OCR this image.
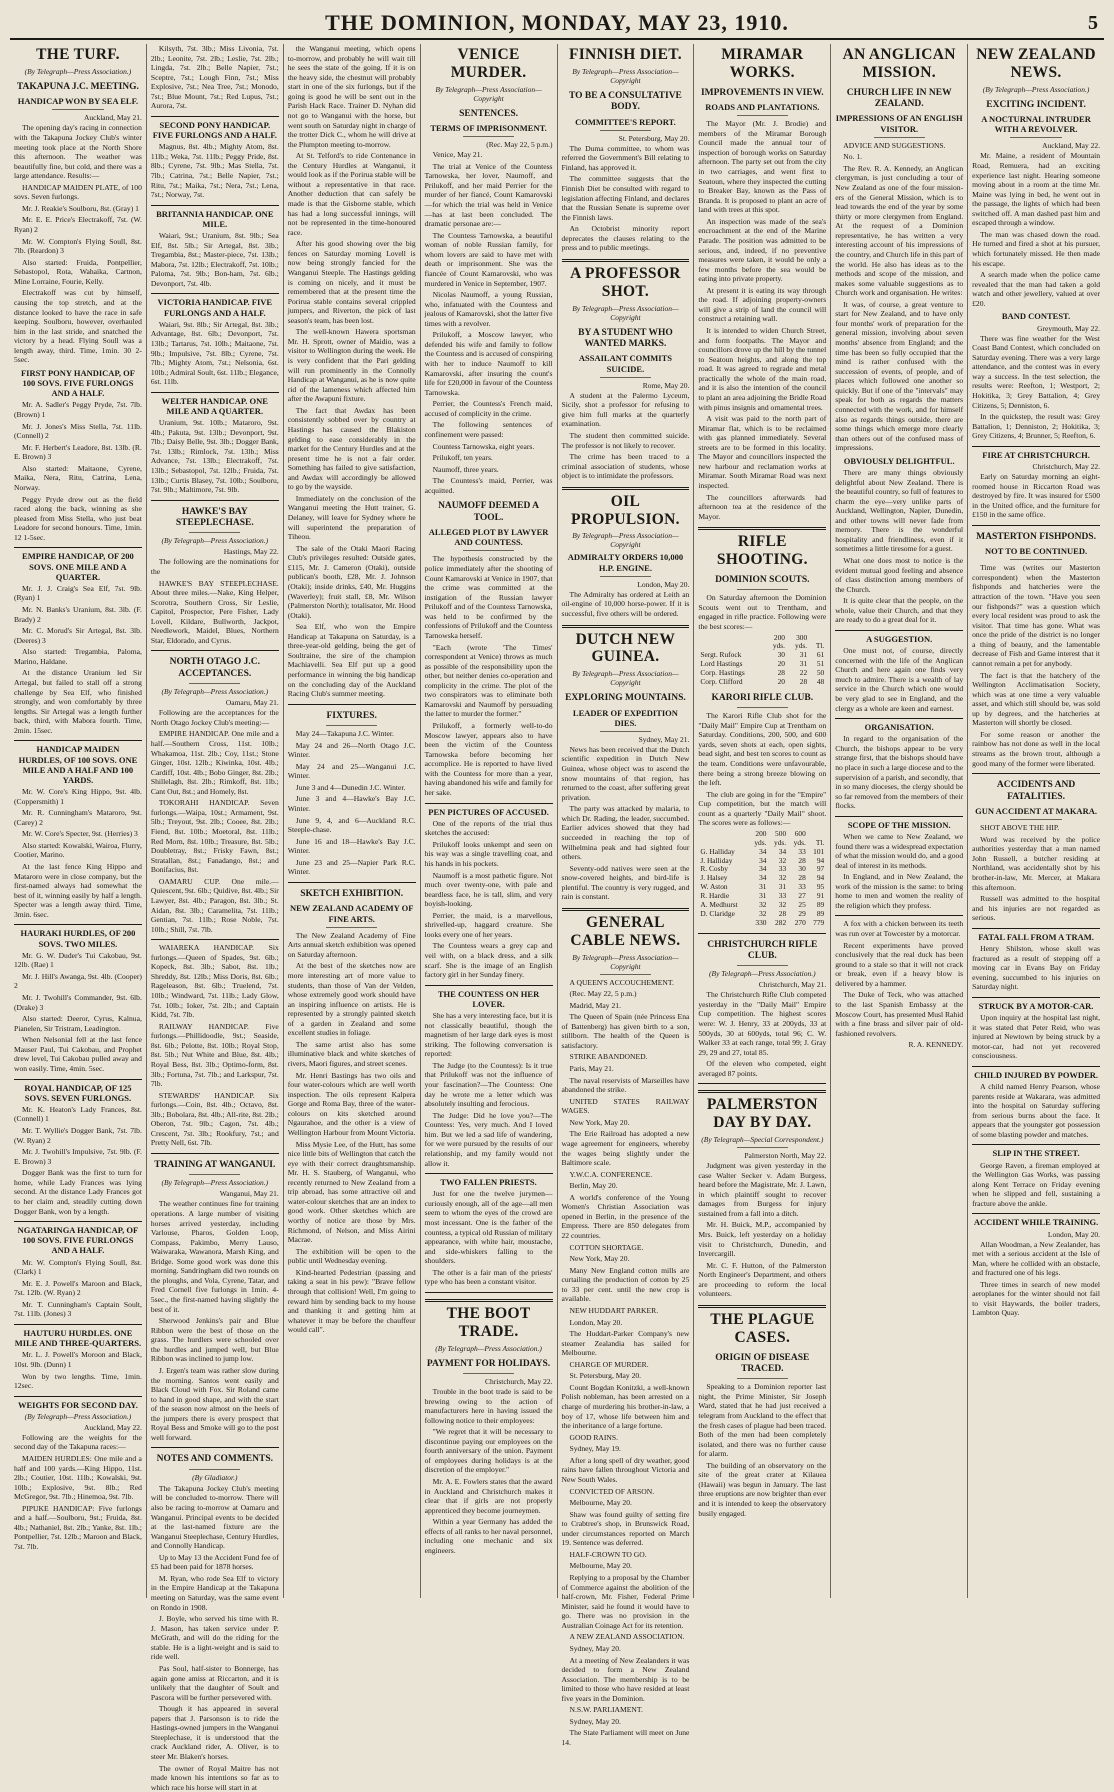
THE DOMINION, MONDAY, MAY 23, 1910.	5
THE TURF.
(By Telegraph—Press Association.)
TAKAPUNA J.C. MEETING.
HANDICAP WON BY SEA ELF.
Auckland, May 21.

The opening day's racing in connection with the Takapuna Jockey Club's winter meeting took place at the North Shore this afternoon. The weather was beautifully fine, but cold, and there was a large attendance. Results:—

HANDICAP MAIDEN PLATE, of 100 sovs. Seven furlongs.

Mr. J. Reakie's Soulboru, 8st. (Gray) 1

Mr. E. E. Price's Electrakoff, 7st. (W. Ryan) 2

Mr. W. Compton's Flying Soull, 8st. 7lb. (Reardon) 3

Also started: Fruida, Pontpellier, Sebastopol, Rota, Wahaika, Cartnon, Mine Lorraine, Fourie, Kelly.

Electrakoff was cut by himself, causing the top stretch, and at the distance looked to have the race in safe keeping. Soulboru, however, overhauled him in the last stride, and snatched the victory by a head. Flying Soull was a length away, third. Time, 1min. 30 2-5sec.

FIRST PONY HANDICAP, OF 100 SOVS. FIVE FURLONGS AND A HALF.

Mr. A. Sadler's Peggy Pryde, 7st. 7lb. (Brown) 1

Mr. J. Jones's Miss Stella, 7st. 11lb. (Connell) 2

Mr. F. Herbert's Leadore, 8st. 13lb. (R. E. Brown) 3

Also started: Maitaone, Cyrene, Maika, Nera, Ritu, Catrina, Lena, Norway.

Peggy Pryde drew out as the field raced along the back, winning as she pleased from Miss Stella, who just beat Leadore for second honours. Time, 1min. 12 1-5sec.

EMPIRE HANDICAP, OF 200 SOVS. ONE MILE AND A QUARTER.

Mr. J. J. Craig's Sea Elf, 7st. 9lb. (Ryan) 1

Mr. N. Banks's Uranium, 8st. 3lb. (F. Brady) 2

Mr. C. Morud's Sir Artegal, 8st. 3lb. (Deeres) 3

Also started: Tregambia, Paloma, Marino, Haldane.

At the distance Uranium led Sir Artegal, but failed to stall off a strong challenge by Sea Elf, who finished strongly, and won comfortably by three lengths. Sir Artegal was a length further back, third, with Mabora fourth. Time, 2min. 15sec.

HANDICAP MAIDEN HURDLES, OF 100 SOVS. ONE MILE AND A HALF AND 100 YARDS.

Mr. W. Core's King Hippo, 9st. 4lb. (Coppersmith) 1

Mr. R. Cunningham's Mataroro, 9st. (Carey) 2

Mr. W. Core's Specter, 9st. (Herries) 3

Also started: Kowalski, Wairoa, Flurry, Cootier, Marino.

At the last fence King Hippo and Mataroro were in close company, but the first-named always had somewhat the best of it, winning easily by half a length. Specter was a length away third. Time, 3min. 6sec.

HAURAKI HURDLES, OF 200 SOVS. TWO MILES.

Mr. G. W. Duder's Tui Cakobau, 9st. 12lb. (Rae) 1

Mr. J. Hill's Awanga, 9st. 4lb. (Cooper) 2

Mr. J. Twohill's Commander, 9st. 6lb. (Drake) 3

Also started: Deeror, Cyrus, Kalnua, Pianelen, Sir Tristram, Leadington.

When Nelsonial fell at the last fence Mauser Paul, Tui Cakobau, and Prophet drew level, Tui Cakobau pulled away and won easily. Time, 4min. 5sec.

ROYAL HANDICAP, OF 125 SOVS. SEVEN FURLONGS.

Mr. K. Heaton's Lady Frances, 8st. (Connell) 1

Mr. T. Wyllie's Dogger Bank, 7st. 7lb. (W. Ryan) 2

Mr. J. Twohill's Impulsive, 7st. 9lb. (F. E. Brown) 3

Dogger Bank was the first to turn for home, while Lady Frances was lying second. At the distance Lady Frances got to her claim and, steadily cutting down Dogger Bank, won by a length.

NGATARINGA HANDICAP, OF 100 SOVS. FIVE FURLONGS AND A HALF.

Mr. W. Compton's Flying Soull, 8st. (Clark) 1

Mr. E. J. Powell's Maroon and Black, 7st. 12lb. (W. Ryan) 2

Mr. T. Cunningham's Captain Soult, 7st. 11lb. (Jones) 3

HAUTURU HURDLES. ONE MILE AND THREE-QUARTERS.

Mr. L. J. Powell's Moroon and Black, 10st. 9lb. (Dunn) 1

Won by two lengths. Time, 1min. 12sec.

WEIGHTS FOR SECOND DAY.
(By Telegraph—Press Association.)
Auckland, May 22.

Following are the weights for the second day of the Takapuna races:—

MAIDEN HURDLES: One mile and a half and 100 yards.—King Hippo, 11st. 2lb.; Coutier, 10st. 11lb.; Kowalski, 9st. 10lb.; Explosive, 9st. 8lb.; Red McGregor, 9st. 7lb.; Hinemoa, 9st. 7lb.

PIPUKE HANDICAP: Five furlongs and a half.—Soulboru, 9st.; Fruida, 8st. 4lb.; Nathaniel, 8st. 2lb.; Yanke, 8st. 1lb.; Pontpellier, 7st. 12lb.; Maroon and Black, 7st. 7lb.

Kilsyth, 7st. 3lb.; Miss Livonia, 7st. 2lb.; Leonite, 7st. 2lb.; Leslie, 7st. 2lb.; Lingda, 7st. 2lb.; Belle Napier, 7st.; Sceptre, 7st.; Lough Finn, 7st.; Miss Explosive, 7st.; Nea Tree, 7st.; Monodo, 7st.; Blue Mount, 7st.; Red Lupus, 7st.; Aurora, 7st.

SECOND PONY HANDICAP. FIVE FURLONGS AND A HALF.

Magnus, 8st. 4lb.; Mighty Atom, 8st. 11lb.; Weka, 7st. 11lb.; Peggy Pride, 8st. 8lb.; Cyrene, 7st. 9lb.; Mas Stella, 7st. 7lb.; Catrina, 7st.; Belle Napier, 7st.; Ritu, 7st.; Maika, 7st.; Nera, 7st.; Lena, 7st.; Norway, 7st.

BRITANNIA HANDICAP. ONE MILE.

Waiari, 9st.; Uranium, 8st. 9lb.; Sea Elf, 8st. 5lb.; Sir Artegal, 8st. 3lb.; Tregambia, 8st.; Master-piece, 7st. 13lb.; Mabora, 7st. 12lb.; Electrakoff, 7st. 10lb.; Paloma, 7st. 9lb.; Bon-ham, 7st. 6lb.; Devonport, 7st. 4lb.

VICTORIA HANDICAP. FIVE FURLONGS AND A HALF.

Waiari, 9st. 8lb.; Sir Artegal, 8st. 3lb.; Advantage, 8st. 6lb.; Devonport, 7st. 13lb.; Tartarus, 7st. 10lb.; Maitaone, 7st. 9lb.; Impulsive, 7st. 8lb.; Cyrene, 7st. 7lb.; Mighty Atom, 7st.; Nelsonia, 6st. 10lb.; Admiral Soult, 6st. 11lb.; Elegance, 6st. 11lb.

WELTER HANDICAP. ONE MILE AND A QUARTER.

Uranium, 9st. 10lb.; Mataroro, 9st. 4lb.; Pakuta, 9st. 13lb.; Devonport, 9st. 7lb.; Daisy Belle, 9st. 3lb.; Dogger Bank, 7st. 13lb.; Rimlock, 7st. 13lb.; Miss Advance, 7st. 13lb.; Electrakoff, 7st. 13lb.; Sebastopol, 7st. 12lb.; Fruida, 7st. 13lb.; Curtis Blasey, 7st. 10lb.; Soulboru, 7st. 9lb.; Maltimore, 7st. 9lb.

HAWKE'S BAY STEEPLECHASE.
(By Telegraph—Press Association.)
Hastings, May 22.

The following are the nominations for the

HAWKE'S BAY STEEPLECHASE. About three miles.—Nake, King Helper, Scorotra, Southern Cross, Sir Leslie, Capitol, Prospector, Pere Fisher, Lady Lovell, Kildare, Bullworth, Jackpot, Needlework, Maidel, Blues, Northern Star, Eldorado, and Cyrus.

NORTH OTAGO J.C. ACCEPTANCES.
(By Telegraph—Press Association.)
Oamaru, May 21.

Following are the acceptances for the North Otago Jockey Club's meeting:—

EMPIRE HANDICAP. One mile and a half.—Southern Cross, 11st. 10lb.; Whakamoa, 11st. 2lb.; Coy, 11st.; Stone Ginger, 10st. 12lb.; Kiwinka, 10st. 4lb.; Cardiff, 10st. 4lb.; Bobo Ginger, 8st. 2lb.; Shillelagh, 8st. 2lb.; Rimkoff, 8st. 1lb.; Cant Out, 8st.; and Homely, 8st.

TOKORAHI HANDICAP. Seven furlongs.—Waipa, 10st.; Armament, 9st. 5lb.; Treyout, 9st. 2lb.; Cooee, 8st. 2lb.; Fiend, 8st. 10lb.; Moetoral, 8st. 11lb.; Red Morn, 8st. 10lb.; Treasure, 8st. 5lb.; Doubletray, 8st.; Frisky Fawn, 8st.; Stratallan, 8st.; Fanadango, 8st.; and Bonifacius, 8st.

OAMARU CUP. One mile.—Quiescent, 9st. 6lb.; Quidive, 8st. 4lb.; Sir Lawyer, 8st. 4lb.; Paragon, 8st. 3lb.; St. Aidan, 8st. 3lb.; Caramelita, 7st. 11lb.; Gentian, 7st. 11lb.; Rose Noble, 7st. 10lb.; Shill, 7st. 7lb.

WAIAREKA HANDICAP. Six furlongs.—Queen of Spades, 9st. 6lb.; Kopeck, 8st. 3lb.; Sabot, 8st. 1lb.; Shreddy, 8st. 12lb.; Miss Doris, 8st. 6lb.; Rageleason, 8st. 6lb.; Truelend, 7st. 10lb.; Windward, 7st. 11lb.; Lady Glow, 7st. 10lb.; Ioker, 7st. 2lb.; and Captain Kidd, 7st. 7lb.

RAILWAY HANDICAP. Five furlongs.—Phillidoodle, 9st.; Seaside, 8st. 6lb.; Pelotte, 8st. 10lb.; Royal Stop, 8st. 5lb.; Nut White and Blue, 8st. 4lb.; Royal Bess, 8st. 3lb.; Optimo-form, 8st. 3lb.; Fortuna, 7st. 7lb.; and Larkspur, 7st. 7lb.

STEWARDS' HANDICAP. Six furlongs.—Coin, 8st. 4lb.; Octavo, 8st. 3lb.; Bobolara, 8st. 4lb.; All-rite, 8st. 2lb.; Oberon, 7st. 9lb.; Cagon, 7st. 4lb.; Crescent, 7st. 3lb.; Rookfury, 7st.; and Pretty Nell, 6st. 7lb.

TRAINING AT WANGANUI.
(By Telegraph—Press Association.)
Wanganui, May 21.

The weather continues fine for training operations. A large number of visiting horses arrived yesterday, including Varlouse, Pharos, Golden Loop, Compass, Pakimbo, Merry Lauso, Waiwaraka, Wawanora, Marsh King, and Bridge. Some good work was done this morning. Sandringham did two rounds on the ploughs, and Vola, Cyrene, Tatar, and Fred Cornell five furlongs in 1min. 4-5sec., the first-named having slightly the best of it.

Sherwood Jenkins's pair and Blue Ribbon were the best of those on the grass. The hurdlers were schooled over the hurdles and jumped well, but Blue Ribbon was inclined to jump low.

J. Ergen's team was rather slow during the morning. Santos went easily and Black Cloud with Fox. Sir Roland came to hand in good shape, and with the start of the season now almost on the heels of the jumpers there is every prospect that Royal Bess and Smoke will go to the post well forward.

NOTES AND COMMENTS.
(By Gladiator.)

The Takapuna Jockey Club's meeting will be concluded to-morrow. There will also be racing to-morrow at Oamaru and Wanganui. Principal events to be decided at the last-named fixture are the Wanganui Steeplechase, Century Hurdles, and Connolly Handicap.

Up to May 13 the Accident Fund fee of £5 had been paid for 1878 horses.

M. Ryan, who rode Sea Elf to victory in the Empire Handicap at the Takapuna meeting on Saturday, was the same event on Rondo in 1908.

J. Boyle, who served his time with R. J. Mason, has taken service under P. McGrath, and will do the riding for the stable. He is a light-weight and is said to ride well.

Pas Soul, half-sister to Bonnerge, has again gone amiss at Riccarton, and it is unlikely that the daughter of Soult and Pascora will be further persevered with.

Though it has appeared in several papers that J. Parsonson is to ride the Hastings-owned jumpers in the Wanganui Steeplechase, it is understood that the crack Auckland rider, A. Oliver, is to steer Mr. Blaken's horses.

The owner of Royal Maitre has not made known his intentions so far as to which race his horse will start in at

the Wanganui meeting, which opens to-morrow, and probably he will wait till he sees the state of the going. If it is on the heavy side, the chestnut will probably start in one of the six furlongs, but if the going is good he will be sent out in the Parish Hack Race. Trainer D. Nyhan did not go to Wanganui with the horse, but went south on Saturday night in charge of the trotter Dick C., whom he will drive at the Plumpton meeting to-morrow.

At St. Telford's to ride Contenance in the Century Hurdles at Wanganui, it would look as if the Porirua stable will be without a representative in that race. Another deduction that can safely be made is that the Gisborne stable, which has had a long successful innings, will not be represented in the time-honoured race.

After his good showing over the big fences on Saturday morning Lovell is now being strongly fancied for the Wanganui Steeple. The Hastings gelding is coming on nicely, and it must be remembered that at the present time the Porirua stable contains several crippled jumpers, and Riverton, the pick of last season's team, has been lost.

The well-known Hawera sportsman Mr. H. Sprott, owner of Maidio, was a visitor to Wellington during the week. He is very confident that the Pari gelding will run prominently in the Connolly Handicap at Wanganui, as he is now quite rid of the lameness which affected him after the Awapuni fixture.

The fact that Awdax has been consistently sobbed over by country at Hastings has caused the Blakiston gelding to ease considerably in the market for the Century Hurdles and at the present time he is not a fair order. Something has failed to give satisfaction, and Awdax will accordingly be allowed to go by the wayside.

Immediately on the conclusion of the Wanganui meeting the Hutt trainer, G. Delaney, will leave for Sydney where he will superintend the preparation of Tiheou.

The sale of the Otaki Maori Racing Club's privileges resulted: Outside gates, £115, Mr. J. Cameron (Otaki), outside publican's booth, £28, Mr. J. Johnson (Otaki); inside drinks, £40, Mr. Huggins (Waverley); fruit stall, £8, Mr. Wilson (Palmerston North); totalisator, Mr. Hood (Otaki).

Sea Elf, who won the Empire Handicap at Takapuna on Saturday, is a three-year-old gelding, being the get of Soultraine, the sire of the champion Machiavelli. Sea Elf put up a good performance in winning the big handicap on the concluding day of the Auckland Racing Club's summer meeting.

FIXTURES.

May 24—Takapuna J.C. Winter.

May 24 and 26—North Otago J.C. Winter.

May 24 and 25—Wanganui J.C. Winter.

June 3 and 4—Dunedin J.C. Winter.

June 3 and 4—Hawke's Bay J.C. Winter.

June 9, 4, and 6—Auckland R.C. Steeple-chase.

June 16 and 18—Hawke's Bay J.C. Winter.

June 23 and 25—Napier Park R.C. Winter.

SKETCH EXHIBITION.
NEW ZEALAND ACADEMY OF FINE ARTS.

The New Zealand Academy of Fine Arts annual sketch exhibition was opened on Saturday afternoon.

At the best of the sketches now are more interesting art of more value to students, than those of Van der Velden, whose extremely good work should have an inspiring influence on artists. He is represented by a strongly painted sketch of a garden in Zealand and some excellent studies in foliage.

The same artist also has some illuminative black and white sketches of rivers, Maori figures, and street scenes.

Mr. Henri Bastings has two oils and four water-colours which are well worth inspection. The oils represent Kalpera Gorge and Roma Bay, three of the water-colours on kits sketched around Ngaurahoe, and the other is a view of Wellington Harbour from Mount Victoria.

Miss Mysie Lee, of the Hutt, has some nice little bits of Wellington that catch the eye with their correct draughtsmanship. Mr. H. S. Stauberg, of Wanganui, who recently returned to New Zealand from a trip abroad, has some attractive oil and water-colour sketches that are an index to good work. Other sketches which are worthy of notice are those by Mrs. Richmond, of Nelson, and Miss Airini Macrae.

The exhibition will be open to the public until Wednesday evening.

Kind-hearted Pedestrian (passing and taking a seat in his pew): "Brave fellow through that collision! Well, I'm going to reward him by sending back to my house and thanking it and getting him at whatever it may be before the chauffeur would call".

VENICE MURDER.
By Telegraph—Press Association—Copyright
SENTENCES.
TERMS OF IMPRISONMENT.
(Rec. May 22, 5 p.m.)

Venice, May 21.

The trial at Venice of the Countess Tarnowska, her lover, Naumoff, and Prilukoff, and her maid Perrier for the murder of her fiancé, Count Kamarovski—for which the trial was held in Venice—has at last been concluded. The dramatic personae are:—

The Countess Tarnowska, a beautiful woman of noble Russian family, for whom lovers are said to have met with death or imprisonment. She was the fiancée of Count Kamarovski, who was murdered in Venice in September, 1907.

Nicolas Naumoff, a young Russian, who, infatuated with the Countess and jealous of Kamarovski, shot the latter five times with a revolver.

Prilukoff, a Moscow lawyer, who defended his wife and family to follow the Countess and is accused of conspiring with her to induce Naumoff to kill Kamarovski, after insuring the count's life for £20,000 in favour of the Countess Tarnowska.

Perrier, the Countess's French maid, accused of complicity in the crime.

The following sentences of confinement were passed:

Countess Tarnowska, eight years.

Prilukoff, ten years.

Naumoff, three years.

The Countess's maid, Perrier, was acquitted.

NAUMOFF DEEMED A TOOL.
ALLEGED PLOT BY LAWYER AND COUNTESS.

The hypothesis constructed by the police immediately after the shooting of Count Kamarovski at Venice in 1907, that the crime was committed at the instigation of the Russian lawyer Prilukoff and of the Countess Tarnowska, was held to be confirmed by the confessions of Prilukoff and the Countess Tarnowska herself.

"Each (wrote 'The Times' correspondent at Venice) throws as much as possible of the responsibility upon the other, but neither denies co-operation and complicity in the crime. The plot of the two conspirators was to eliminate both Kamarovski and Naumoff by persuading the latter to murder the former."

Prilukoff, a formerly well-to-do Moscow lawyer, appears also to have been the victim of the Countess Tarnowska before becoming her accomplice. He is reported to have lived with the Countess for more than a year, having abandoned his wife and family for her sake.

PEN PICTURES OF ACCUSED.

One of the reports of the trial thus sketches the accused:

Prilukoff looks unkempt and seen on his way was a single travelling coat, and his hands in his pockets.

Naumoff is a most pathetic figure. Not much over twenty-one, with pale and beardless face, he is tall, slim, and very boyish-looking.

Perrier, the maid, is a marvellous, shrivelled-up, haggard creature. She looks every one of her years.

The Countess wears a grey cap and veil with, on a black dress, and a silk scarf. She is the image of an English factory girl in her Sunday finery.

THE COUNTESS ON HER LOVER.

She has a very interesting face, but it is not classically beautiful, though the magnetism of her large dark eyes is most striking. The following conversation is reported:

The Judge (to the Countess): Is it true that Prilukoff was not the influence of your fascination?—The Countess: One day he wrote me a letter which was absolutely insulting and ferocious.

The Judge: Did he love you?—The Countess: Yes, very much. And I loved him. But we led a sad life of wandering, for we were pursued by the results of our relationship, and my family would not allow it.

TWO FALLEN PRIESTS.

Just for one the twelve jurymen—curiously enough, all of the age—all men seem to whom the eyes of the crowd are most incessant. One is the father of the countess, a typical old Russian of military appearance, with white hair, moustache, and side-whiskers falling to the shoulders.

The other is a fair man of the priests' type who has been a constant visitor.

THE BOOT TRADE.
(By Telegraph—Press Association.)
PAYMENT FOR HOLIDAYS.
Christchurch, May 22.

Trouble in the boot trade is said to be brewing owing to the action of manufacturers here in having issued the following notice to their employees:

"We regret that it will be necessary to discontinue paying our employees on the fourth anniversary of the union. Payment of employees during holidays is at the discretion of the employer."

Mr. A. E. Fowlers states that the award in Auckland and Christchurch makes it clear that if girls are not properly apprenticed they become journeymen.

Within a year Germany has added the effects of all ranks to her naval personnel, including one mechanic and six engineers.

FINNISH DIET.
By Telegraph—Press Association—Copyright
TO BE A CONSULTATIVE BODY.
COMMITTEE'S REPORT.
St. Petersburg, May 20.

The Duma committee, to whom was referred the Government's Bill relating to Finland, has approved it.

The committee suggests that the Finnish Diet be consulted with regard to legislation affecting Finland, and declares that the Russian Senate is supreme over the Finnish laws.

An Octobrist minority report deprecates the clauses relating to the press and to public meetings.

A PROFESSOR SHOT.
By Telegraph—Press Association—Copyright
BY A STUDENT WHO WANTED MARKS.
ASSAILANT COMMITS SUICIDE.
Rome, May 20.

A student at the Palermo Lyceum, Sicily, shot a professor for refusing to give him full marks at the quarterly examination.

The student then committed suicide. The professor is not likely to recover.

The crime has been traced to a criminal association of students, whose object is to intimidate the professors.

OIL PROPULSION.
By Telegraph—Press Association—Copyright
ADMIRALTY ORDERS 10,000 H.P. ENGINE.
London, May 20.

The Admiralty has ordered at Leith an oil-engine of 10,000 horse-power. If it is successful, five others will be ordered.

DUTCH NEW GUINEA.
By Telegraph—Press Association—Copyright
EXPLORING MOUNTAINS.
LEADER OF EXPEDITION DIES.
Sydney, May 21.

News has been received that the Dutch scientific expedition in Dutch New Guinea, whose object was to ascend the snow mountains of that region, has returned to the coast, after suffering great privation.

The party was attacked by malaria, to which Dr. Rading, the leader, succumbed. Earlier advices showed that they had succeeded in reaching the top of Wilhelmina peak and had sighted four others.

Seventy-odd natives were seen at the snow-covered heights, and bird-life is plentiful. The country is very rugged, and rain is constant.

GENERAL CABLE NEWS.
By Telegraph—Press Association—Copyright

A QUEEN'S ACCOUCHEMENT.

(Rec. May 22, 5 p.m.)

Madrid, May 21.

The Queen of Spain (née Princess Ena of Battenberg) has given birth to a son, stillborn. The health of the Queen is satisfactory.

STRIKE ABANDONED.

Paris, May 21.

The naval reservists of Marseilles have abandoned the strike.

UNITED STATES RAILWAY WAGES.

New York, May 20.

The Erie Railroad has adopted a new wage agreement for engineers, whereby the wages being slightly under the Baltimore scale.

Y.W.C.A. CONFERENCE.

Berlin, May 20.

A world's conference of the Young Women's Christian Association was opened in Berlin, in the presence of the Empress. There are 850 delegates from 22 countries.

COTTON SHORTAGE.

New York, May 20.

Many New England cotton mills are curtailing the production of cotton by 25 to 33 per cent. until the new crop is available.

NEW HUDDART PARKER.

London, May 20.

The Huddart-Parker Company's new steamer Zealandia has sailed for Melbourne.

CHARGE OF MURDER.

St. Petersburg, May 20.

Count Bogdan Konitzki, a well-known Polish nobleman, has been arrested on a charge of murdering his brother-in-law, a boy of 17, whose life between him and the inheritance of a large fortune.

GOOD RAINS.

Sydney, May 19.

After a long spell of dry weather, good rains have fallen throughout Victoria and New South Wales.

CONVICTED OF ARSON.

Melbourne, May 20.

Shaw was found guilty of setting fire to Crabtree's shop, in Brunswick Road, under circumstances reported on March 19. Sentence was deferred.

HALF-CROWN TO GO.

Melbourne, May 20.

Replying to a proposal by the Chamber of Commerce against the abolition of the half-crown, Mr. Fisher, Federal Prime Minister, said he found it would have to go. There was no provision in the Australian Coinage Act for its retention.

A NEW ZEALAND ASSOCIATION.

Sydney, May 20.

At a meeting of New Zealanders it was decided to form a New Zealand Association. The membership is to be limited to those who have resided at least five years in the Dominion.

N.S.W. PARLIAMENT.

Sydney, May 20.

The State Parliament will meet on June 14.

MIRAMAR WORKS.
IMPROVEMENTS IN VIEW.
ROADS AND PLANTATIONS.

The Mayor (Mr. J. Brodie) and members of the Miramar Borough Council made the annual tour of inspection of borough works on Saturday afternoon. The party set out from the city in two carriages, and went first to Seatoun, where they inspected the cutting to Breaker Bay, known as the Pass of Branda. It is proposed to plant an acre of land with trees at this spot.

An inspection was made of the sea's encroachment at the end of the Marine Parade. The position was admitted to be serious, and, indeed, if no preventive measures were taken, it would be only a few months before the sea would be eating into private property.

At present it is eating its way through the road. If adjoining property-owners will give a strip of land the council will construct a retaining wall.

It is intended to widen Church Street, and form footpaths. The Mayor and councillors drove up the hill by the tunnel to Seatoun heights, and along the top road. It was agreed to regrade and metal practically the whole of the main road, and it is also the intention of the council to plant an area adjoining the Bridle Road with pinus insignis and ornamental trees.

A visit was paid to the north part of Miramar flat, which is to be reclaimed with gas planned immediately. Several streets are to be formed in this locality. The Mayor and councillors inspected the new harbour and reclamation works at Miramar. South Miramar Road was next inspected.

The councillors afterwards had afternoon tea at the residence of the Mayor.

RIFLE SHOOTING.
DOMINION SCOUTS.

On Saturday afternoon the Dominion Scouts went out to Trentham, and engaged in rifle practice. Following were the best scores:—

	200	300	
	yds.	yds.	Tl.
Sergt. Rufock	30	31	61
Lord Hastings	20	31	51
Corp. Hastings	28	22	50
Corp. Clifford	20	28	48
KARORI RIFLE CLUB.

The Karori Rifle Club shot for the "Daily Mail" Empire Cup at Trentham on Saturday. Conditions, 200, 500, and 600 yards, seven shots at each, open sights, bead sight, and best ten scores to count as the team. Conditions were unfavourable, there being a strong breeze blowing on the left.

The club are going in for the "Empire" Cup competition, but the match will count as a quarterly "Daily Mail" shoot. The scores were as follows:—

	200	500	600	
	yds.	yds.	yds.	Tl.
G. Halliday	34	34	33	101
J. Halliday	34	32	28	94
R. Cosby	34	33	30	97
J. Halsey	34	32	28	94
W. Aston	31	31	33	95
R. Hardie	31	33	27	91
A. Medhurst	32	32	25	89
D. Claridge	32	28	29	89
	330	282	270	779
CHRISTCHURCH RIFLE CLUB.
(By Telegraph—Press Association.)
Christchurch, May 21.

The Christchurch Rifle Club competed yesterday in the "Daily Mail" Empire Cup competition. The highest scores were: W. J. Henry, 33 at 200yds, 33 at 500yds, 30 at 600yds, total 96; C. W. Walker 33 at each range, total 99; J. Gray 29, 29 and 27, total 85.

Of the eleven who competed, eight averaged 87 points.

PALMERSTON DAY BY DAY.
(By Telegraph—Special Correspondent.)
Palmerston North, May 22.

Judgment was given yesterday in the case Walter Secker v. Adam Burgess, heard before the Magistrate, Mr. J. Lawn, in which plaintiff sought to recover damages from Burgess for injury sustained from a fall into a ditch.

Mr. H. Buick, M.P., accompanied by Mrs. Buick, left yesterday on a holiday visit to Christchurch, Dunedin, and Invercargill.

Mr. C. F. Hutton, of the Palmerston North Engineer's Department, and others are proceeding to reform the local volunteers.

THE PLAGUE CASES.
ORIGIN OF DISEASE TRACED.

Speaking to a Dominion reporter last night, the Prime Minister, Sir Joseph Ward, stated that he had just received a telegram from Auckland to the effect that the fresh cases of plague had been traced. Both of the men had been completely isolated, and there was no further cause for alarm.

The building of an observatory on the site of the great crater at Kilauea (Hawaii) was begun in January. The last three eruptions are now brighter than ever and it is intended to keep the observatory busily engaged.

AN ANGLICAN MISSION.
CHURCH LIFE IN NEW ZEALAND.
IMPRESSIONS OF AN ENGLISH VISITOR.

ADVICE AND SUGGESTIONS.

No. 1.

The Rev. R. A. Kennedy, an Anglican clergyman, is just concluding a tour of New Zealand as one of the four mission-ers of the General Mission, which is to lead towards the end of the year by some thirty or more clergymen from England. At the request of a Dominion representative, he has written a very interesting account of his impressions of the country, and Church life in this part of the world. He also has ideas as to the methods and scope of the mission, and makes some valuable suggestions as to Church work and organisation. He writes:

It was, of course, a great venture to start for New Zealand, and to have only four months' work of preparation for the general mission, involving about seven months' absence from England; and the time has been so fully occupied that the mind is rather confused with the succession of events, of people, and of places which followed one another so quickly. But if one of the "intervals" may speak for both as regards the matters connected with the work, and for himself also as regards things outside, there are some things which emerge more clearly than others out of the confused mass of impressions.

OBVIOUSLY DELIGHTFUL.

There are many things obviously delightful about New Zealand. There is the beautiful country, so full of features to charm the eye—very unlike parts of Auckland, Wellington, Napier, Dunedin, and other towns will never fade from memory. There is the wonderful hospitality and friendliness, even if it sometimes a little tiresome for a guest.

What one does most to notice is the evident mutual good feeling and absence of class distinction among members of the Church.

It is quite clear that the people, on the whole, value their Church, and that they are ready to do a great deal for it.

A SUGGESTION.

One must not, of course, directly concerned with the life of the Anglican Church and here again one finds very much to admire. There is a wealth of lay service in the Church which one would be very glad to see in England, and the clergy as a whole are keen and earnest.

ORGANISATION.

In regard to the organisation of the Church, the bishops appear to be very strange first, that the bishops should have no place in such a large diocese and to the supervision of a parish, and secondly, that in so many dioceses, the clergy should be so far removed from the members of their flocks.

SCOPE OF THE MISSION.

When we came to New Zealand, we found there was a widespread expectation of what the mission would do, and a good deal of interest in its methods.

In England, and in New Zealand, the work of the mission is the same: to bring home to men and women the reality of the religion which they profess.

A fox with a chicken between its teeth was run over at Towcester by a motorcar.

Recent experiments have proved conclusively that the real duck has been ground to a stale so that it will not crack or break, even if a heavy blow is delivered by a hammer.

The Duke of Teck, who was attached to the last Spanish Embassy at the Moscow Court, has presented Musl Rahid with a fine brass and silver pair of old-fashioned revolvers.

R. A. KENNEDY.
NEW ZEALAND NEWS.
(By Telegraph—Press Association.)
EXCITING INCIDENT.
A NOCTURNAL INTRUDER WITH A REVOLVER.
Auckland, May 22.

Mr. Maine, a resident of Mountain Road, Remuera, had an exciting experience last night. Hearing someone moving about in a room at the time Mr. Maine was lying in bed, he went out in the passage, the lights of which had been switched off. A man dashed past him and escaped through a window.

The man was chased down the road. He turned and fired a shot at his pursuer, which fortunately missed. He then made his escape.

A search made when the police came revealed that the man had taken a gold watch and other jewellery, valued at over £20.

BAND CONTEST.
Greymouth, May 22.

There was fine weather for the West Coast Band Contest, which concluded on Saturday evening. There was a very large attendance, and the contest was in every way a success. In the test selection, the results were: Reefton, 1; Westport, 2; Hokitika, 3; Grey Battalion, 4; Grey Citizens, 5; Denniston, 6.

In the quickstep, the result was: Grey Battalion, 1; Denniston, 2; Hokitika, 3; Grey Citizens, 4; Brunner, 5; Reefton, 6.

FIRE AT CHRISTCHURCH.
Christchurch, May 22.

Early on Saturday morning an eight-roomed house in Riccarton Road was destroyed by fire. It was insured for £500 in the United office, and the furniture for £150 in the same office.

MASTERTON FISHPONDS.
NOT TO BE CONTINUED.

Time was (writes our Masterton correspondent) when the Masterton fishponds and hatcheries were the attraction of the town. "Have you seen our fishponds?" was a question which every local resident was proud to ask the visitor. That time has gone. What was once the pride of the district is no longer a thing of beauty, and the lamentable decrease of Fish and Game interest that it cannot remain a pet for anybody.

The fact is that the hatchery of the Wellington Acclimatisation Society, which was at one time a very valuable asset, and which still should be, was sold up by degrees, and the hatcheries at Masterton will shortly be closed.

For some reason or another the rainbow has not done as well in the local streams as the brown trout, although a good many of the former were liberated.

ACCIDENTS AND FATALITIES.
GUN ACCIDENT AT MAKARA.

SHOT ABOVE THE HIP.

Word was received by the police authorities yesterday that a man named John Russell, a butcher residing at Northland, was accidentally shot by his brother-in-law, Mr. Mercer, at Makara this afternoon.

Russell was admitted to the hospital and his injuries are not regarded as serious.

FATAL FALL FROM A TRAM.

Henry Shilston, whose skull was fractured as a result of stepping off a moving car in Evans Bay on Friday evening, succumbed to his injuries on Saturday night.

STRUCK BY A MOTOR-CAR.

Upon inquiry at the hospital last night, it was stated that Peter Reid, who was injured at Newtown by being struck by a motor-car, had not yet recovered consciousness.

CHILD INJURED BY POWDER.

A child named Henry Pearson, whose parents reside at Wakarara, was admitted into the hospital on Saturday suffering from serious burns about the face. It appears that the youngster got possession of some blasting powder and matches.

SLIP IN THE STREET.

George Raven, a fireman employed at the Wellington Gas Works, was passing along Kent Terrace on Friday evening when he slipped and fell, sustaining a fracture above the ankle.

ACCIDENT WHILE TRAINING.
London, May 20.

Allan Woodman, a New Zealander, has met with a serious accident at the Isle of Man, where he collided with an obstacle, and fractured one of his legs.

Three times in search of new model aeroplanes for the winter should not fail to visit Haywards, the boiler traders, Lambton Quay.
